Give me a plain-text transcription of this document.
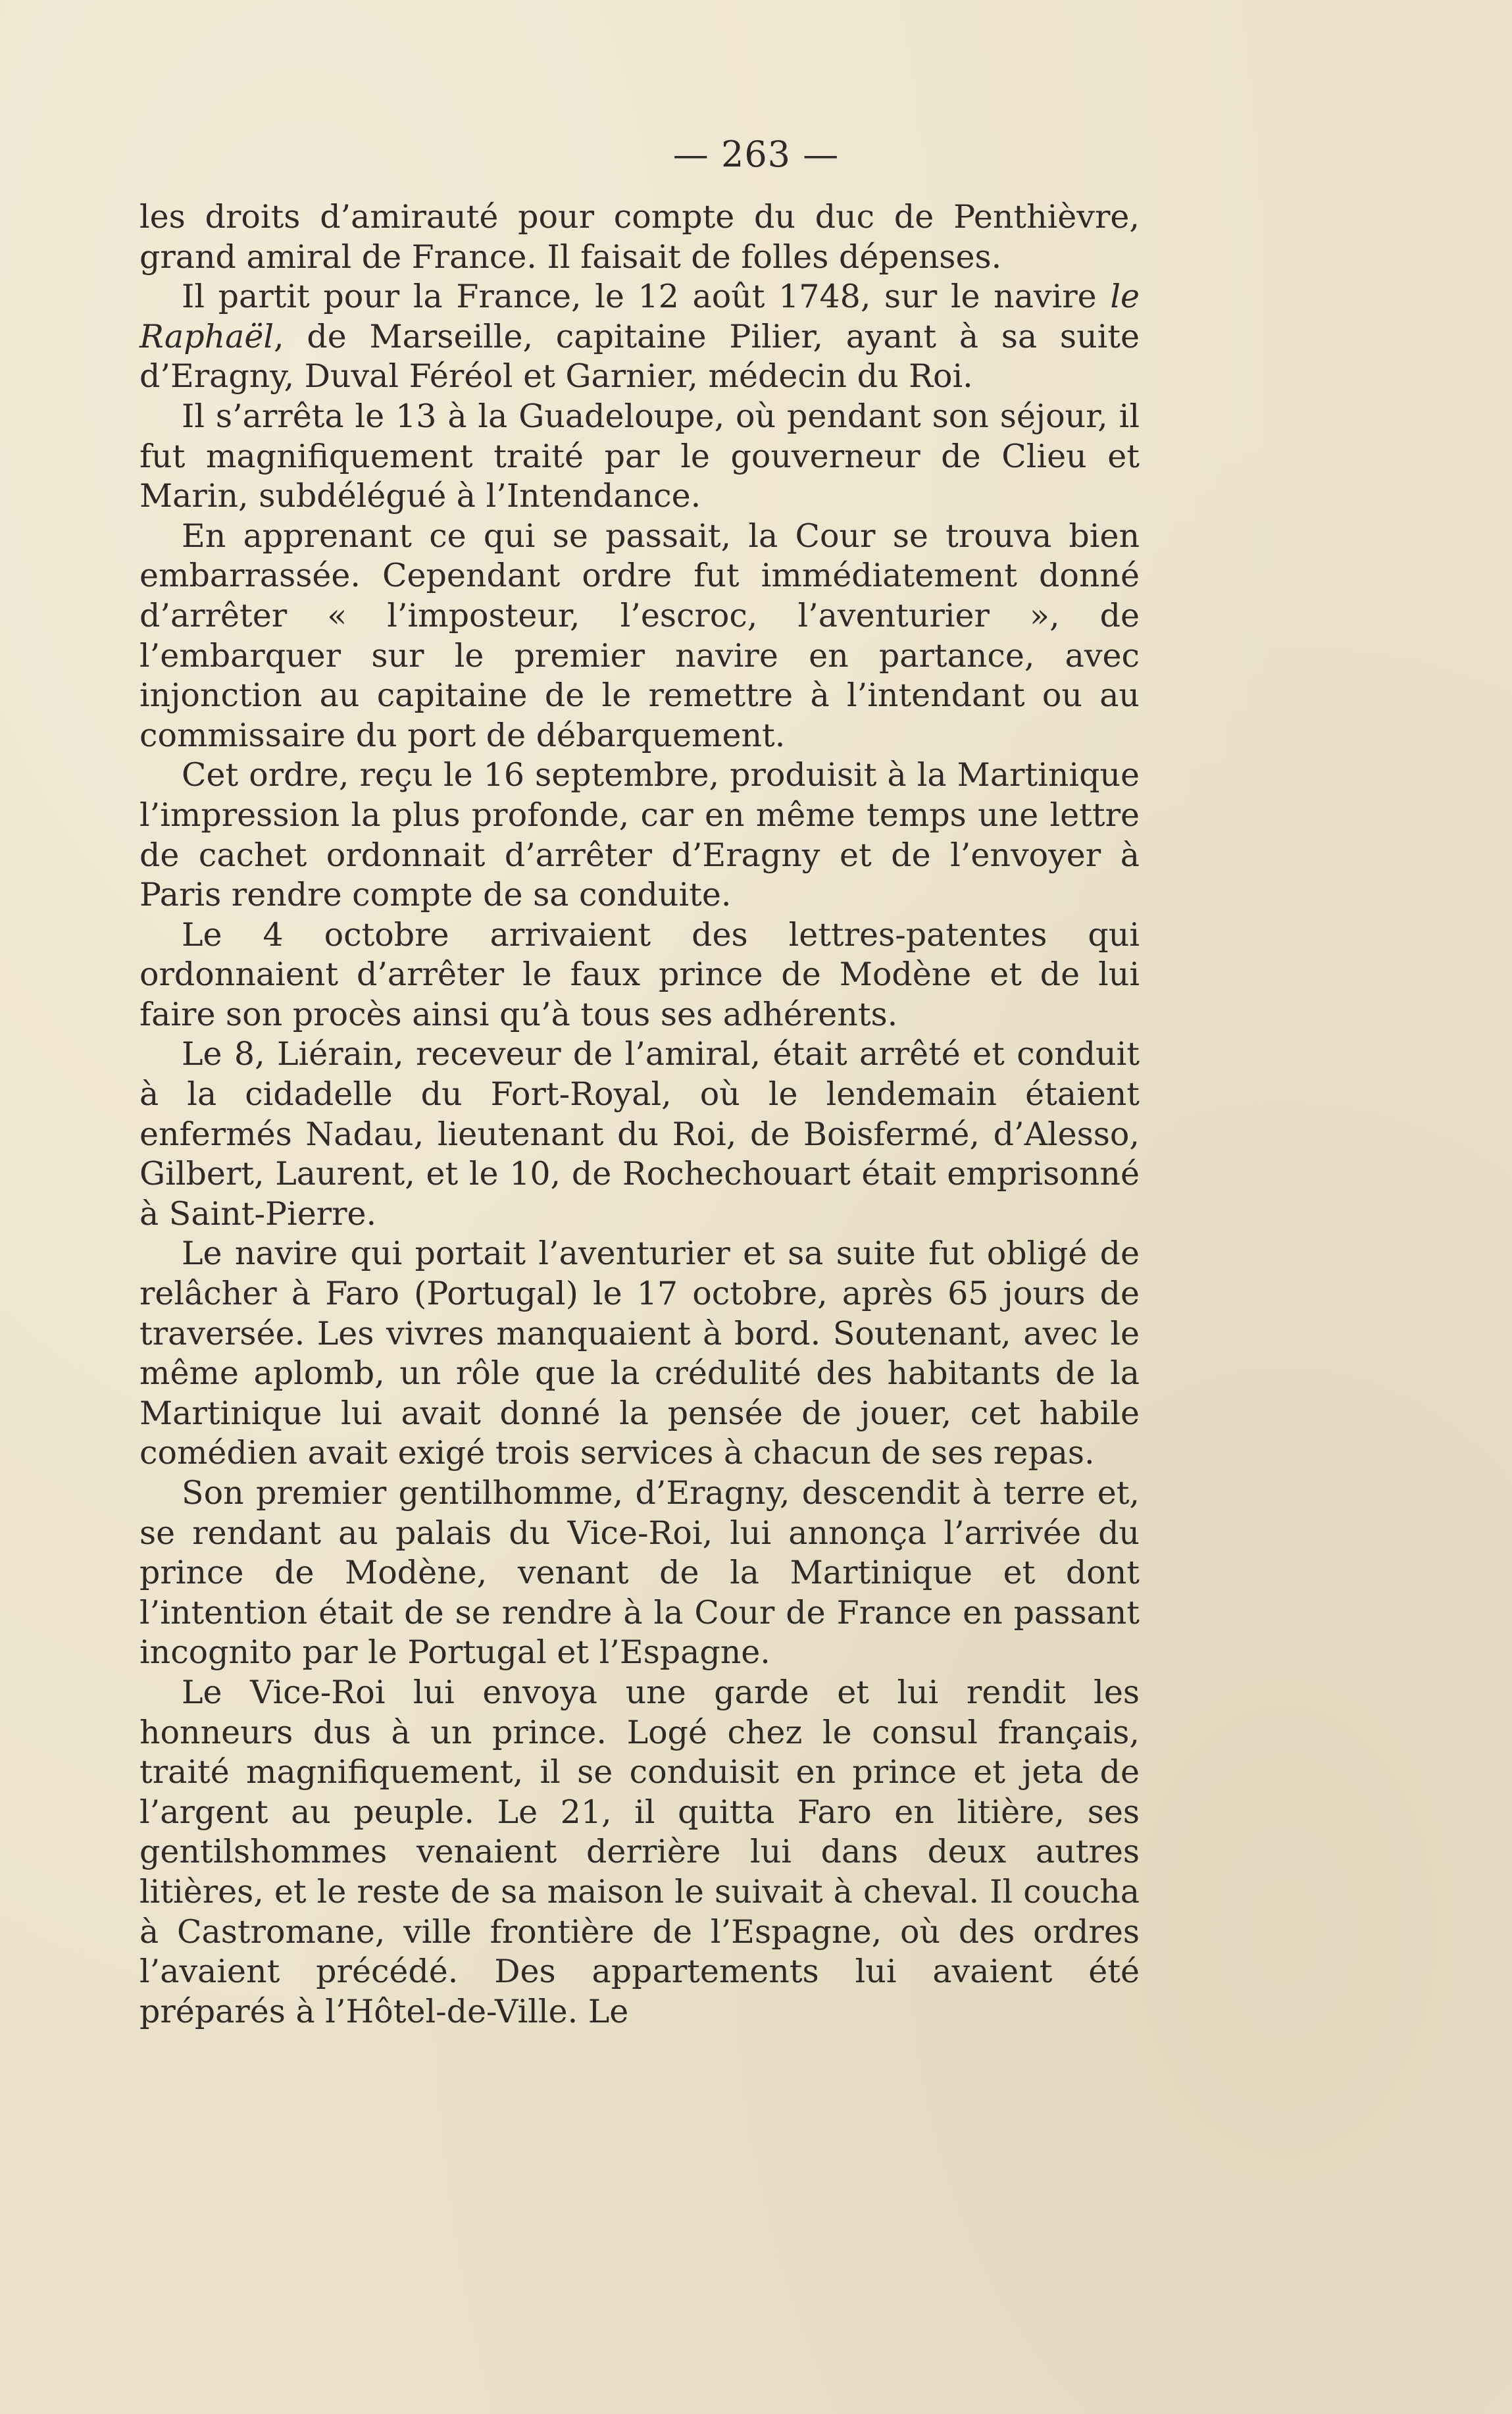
— 263 —

les droits d’amirauté pour compte du duc de Penthièvre, grand amiral de France. Il faisait de folles dépenses.

Il partit pour la France, le 12 août 1748, sur le navire le Raphaël, de Marseille, capitaine Pilier, ayant à sa suite d’Eragny, Duval Féréol et Garnier, médecin du Roi.

Il s’arrêta le 13 à la Guadeloupe, où pendant son séjour, il fut magnifiquement traité par le gouverneur de Clieu et Marin, subdélégué à l’Intendance.

En apprenant ce qui se passait, la Cour se trouva bien embarrassée. Cependant ordre fut immédiatement donné d’arrêter « l’imposteur, l’escroc, l’aventurier », de l’embarquer sur le premier navire en partance, avec injonction au capitaine de le remettre à l’intendant ou au commissaire du port de débarquement.

Cet ordre, reçu le 16 septembre, produisit à la Martinique l’impression la plus profonde, car en même temps une lettre de cachet ordonnait d’arrêter d’Eragny et de l’envoyer à Paris rendre compte de sa conduite.

Le 4 octobre arrivaient des lettres-patentes qui ordonnaient d’arrêter le faux prince de Modène et de lui faire son procès ainsi qu’à tous ses adhérents.

Le 8, Liérain, receveur de l’amiral, était arrêté et conduit à la cidadelle du Fort-Royal, où le lendemain étaient enfermés Nadau, lieutenant du Roi, de Boisfermé, d’Alesso, Gilbert, Laurent, et le 10, de Rochechouart était emprisonné à Saint-Pierre.

Le navire qui portait l’aventurier et sa suite fut obligé de relâcher à Faro (Portugal) le 17 octobre, après 65 jours de traversée. Les vivres manquaient à bord. Soutenant, avec le même aplomb, un rôle que la crédulité des habitants de la Martinique lui avait donné la pensée de jouer, cet habile comédien avait exigé trois services à chacun de ses repas.

Son premier gentilhomme, d’Eragny, descendit à terre et, se rendant au palais du Vice-Roi, lui annonça l’arrivée du prince de Modène, venant de la Martinique et dont l’intention était de se rendre à la Cour de France en passant incognito par le Portugal et l’Espagne.

Le Vice-Roi lui envoya une garde et lui rendit les honneurs dus à un prince. Logé chez le consul français, traité magnifiquement, il se conduisit en prince et jeta de l’argent au peuple. Le 21, il quitta Faro en litière, ses gentilshommes venaient derrière lui dans deux autres litières, et le reste de sa maison le suivait à cheval. Il coucha à Castromane, ville frontière de l’Espagne, où des ordres l’avaient précédé. Des appartements lui avaient été préparés à l’Hôtel-de-Ville. Le
